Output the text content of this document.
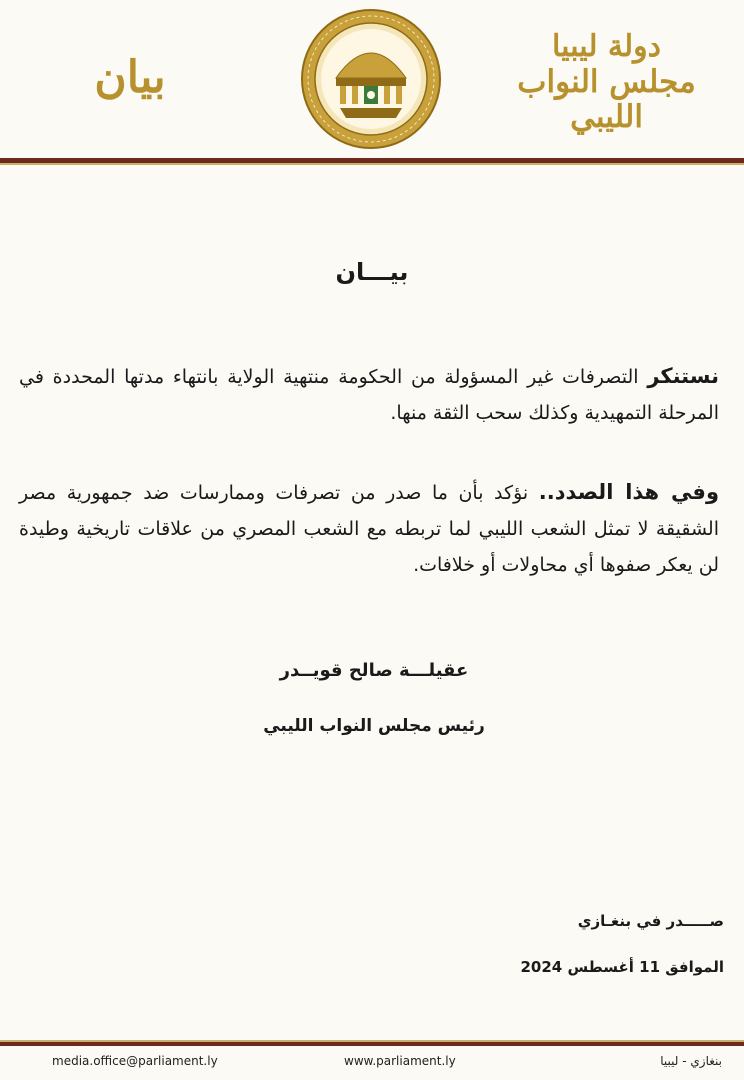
دولة ليبيا
مجلس النواب الليبي
بيان
بيـــان
نستنكر التصرفات غير المسؤولة من الحكومة منتهية الولاية بانتهاء مدتها المحددة في المرحلة التمهيدية وكذلك سحب الثقة منها.
وفي هذا الصدد.. نؤكد بأن ما صدر من تصرفات وممارسات ضد جمهورية مصر الشقيقة لا تمثل الشعب الليبي لما تربطه مع الشعب المصري من علاقات تاريخية وطيدة لن يعكر صفوها أي محاولات أو خلافات.
عقيلـــة صالح قويــدر
رئيس مجلس النواب الليبي
صـــــدر في بنغـازي
الموافق 11 أغسطس 2024
media.office@parliament.ly	www.parliament.ly	بنغازي - ليبيا
